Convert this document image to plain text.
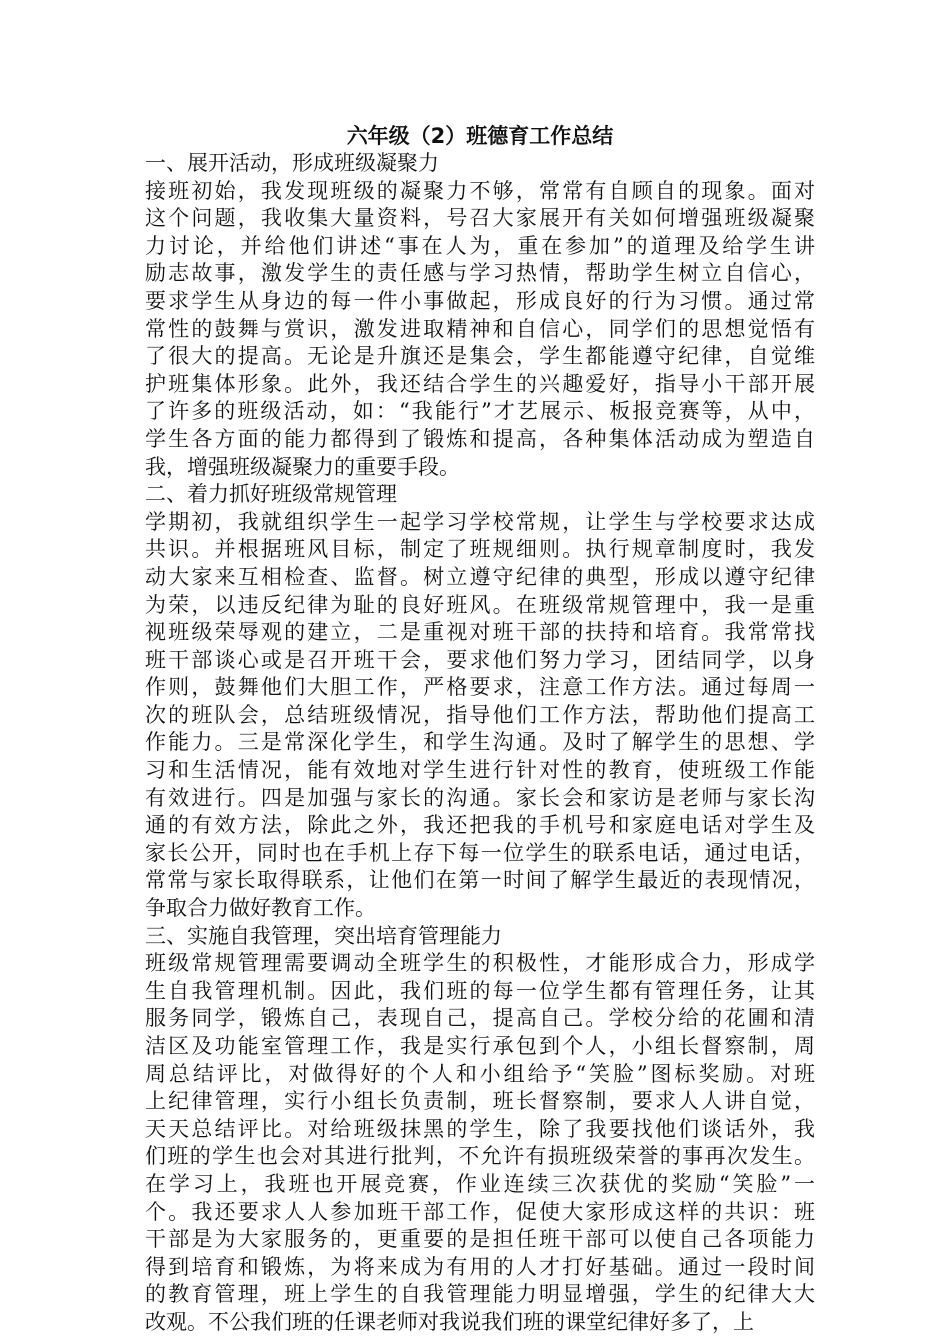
六年级（2）班德育工作总结
一、展开活动，形成班级凝聚力
接班初始，我发现班级的凝聚力不够，常常有自顾自的现象。面对
这个问题，我收集大量资料，号召大家展开有关如何增强班级凝聚
力讨论，并给他们讲述“事在人为，重在参加”的道理及给学生讲
励志故事，激发学生的责任感与学习热情，帮助学生树立自信心，
要求学生从身边的每一件小事做起，形成良好的行为习惯。通过常
常性的鼓舞与赏识，激发进取精神和自信心，同学们的思想觉悟有
了很大的提高。无论是升旗还是集会，学生都能遵守纪律，自觉维
护班集体形象。此外，我还结合学生的兴趣爱好，指导小干部开展
了许多的班级活动，如：“我能行”才艺展示、板报竞赛等，从中，
学生各方面的能力都得到了锻炼和提高，各种集体活动成为塑造自
我，增强班级凝聚力的重要手段。
二、着力抓好班级常规管理
学期初，我就组织学生一起学习学校常规，让学生与学校要求达成
共识。并根据班风目标，制定了班规细则。执行规章制度时，我发
动大家来互相检查、监督。树立遵守纪律的典型，形成以遵守纪律
为荣，以违反纪律为耻的良好班风。在班级常规管理中，我一是重
视班级荣辱观的建立，二是重视对班干部的扶持和培育。我常常找
班干部谈心或是召开班干会，要求他们努力学习，团结同学，以身
作则，鼓舞他们大胆工作，严格要求，注意工作方法。通过每周一
次的班队会，总结班级情况，指导他们工作方法，帮助他们提高工
作能力。三是常深化学生，和学生沟通。及时了解学生的思想、学
习和生活情况，能有效地对学生进行针对性的教育，使班级工作能
有效进行。四是加强与家长的沟通。家长会和家访是老师与家长沟
通的有效方法，除此之外，我还把我的手机号和家庭电话对学生及
家长公开，同时也在手机上存下每一位学生的联系电话，通过电话，
常常与家长取得联系，让他们在第一时间了解学生最近的表现情况，
争取合力做好教育工作。
三、实施自我管理，突出培育管理能力
班级常规管理需要调动全班学生的积极性，才能形成合力，形成学
生自我管理机制。因此，我们班的每一位学生都有管理任务，让其
服务同学，锻炼自己，表现自己，提高自己。学校分给的花圃和清
洁区及功能室管理工作，我是实行承包到个人，小组长督察制，周
周总结评比，对做得好的个人和小组给予“笑脸”图标奖励。对班
上纪律管理，实行小组长负责制，班长督察制，要求人人讲自觉，
天天总结评比。对给班级抹黑的学生，除了我要找他们谈话外，我
们班的学生也会对其进行批判，不允许有损班级荣誉的事再次发生。
在学习上，我班也开展竞赛，作业连续三次获优的奖励“笑脸”一
个。我还要求人人参加班干部工作，促使大家形成这样的共识：班
干部是为大家服务的，更重要的是担任班干部可以使自己各项能力
得到培育和锻炼，为将来成为有用的人才打好基础。通过一段时间
的教育管理，班上学生的自我管理能力明显增强，学生的纪律大大
改观。不公我们班的任课老师对我说我们班的课堂纪律好多了，上
